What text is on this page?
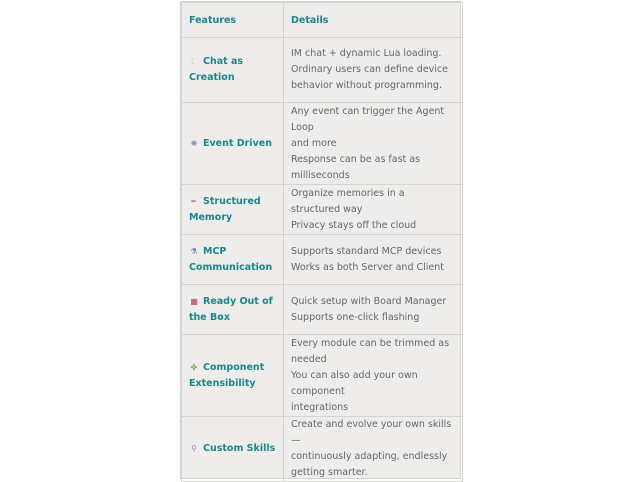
Features	Details
☾ Chat as Creation	IM chat + dynamic Lua loading.
Ordinary users can define device
behavior without programming.

✺ Event Driven	Any event can trigger the Agent Loop
and more
Response can be as fast as
milliseconds

✒ Structured Memory	Organize memories in a structured way
Privacy stays off the cloud

⚗ MCP Communication	Supports standard MCP devices
Works as both Server and Client

■ Ready Out of the Box	Quick setup with Board Manager
Supports one-click flashing

✤ Component Extensibility	Every module can be trimmed as
needed
You can also add your own component
integrations

⚲ Custom Skills	Create and evolve your own skills —
continuously adapting, endlessly
getting smarter.
